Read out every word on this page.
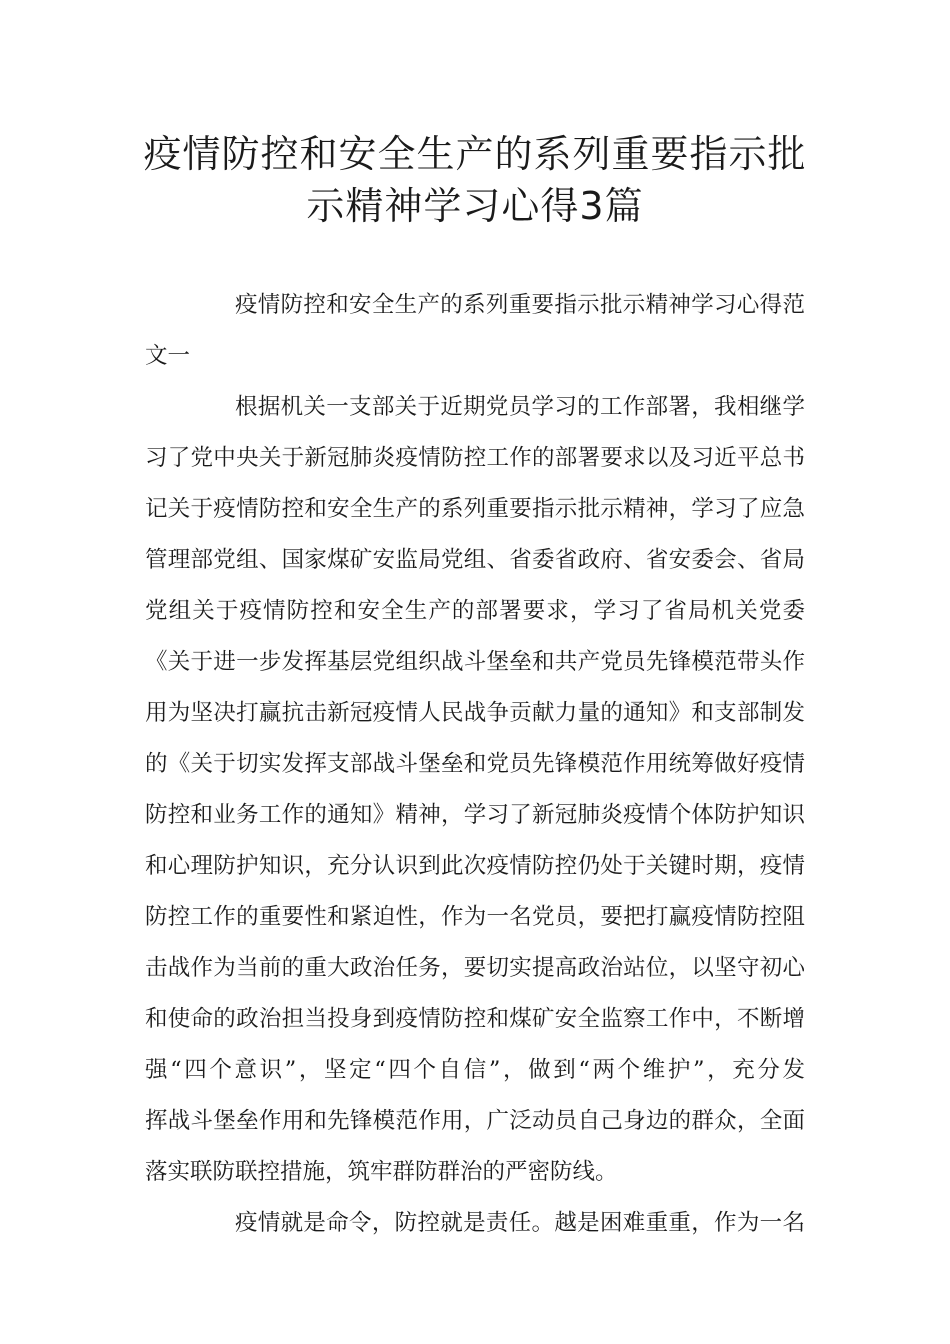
疫情防控和安全生产的系列重要指示批
示精神学习心得3篇
疫情防控和安全生产的系列重要指示批示精神学习心得范
文一
根据机关一支部关于近期党员学习的工作部署，我相继学
习了党中央关于新冠肺炎疫情防控工作的部署要求以及习近平总书
记关于疫情防控和安全生产的系列重要指示批示精神，学习了应急
管理部党组、国家煤矿安监局党组、省委省政府、省安委会、省局
党组关于疫情防控和安全生产的部署要求，学习了省局机关党委
《关于进一步发挥基层党组织战斗堡垒和共产党员先锋模范带头作
用为坚决打赢抗击新冠疫情人民战争贡献力量的通知》和支部制发
的《关于切实发挥支部战斗堡垒和党员先锋模范作用统筹做好疫情
防控和业务工作的通知》精神，学习了新冠肺炎疫情个体防护知识
和心理防护知识，充分认识到此次疫情防控仍处于关键时期，疫情
防控工作的重要性和紧迫性，作为一名党员，要把打赢疫情防控阻
击战作为当前的重大政治任务，要切实提高政治站位，以坚守初心
和使命的政治担当投身到疫情防控和煤矿安全监察工作中，不断增
强“四个意识”，坚定“四个自信”，做到“两个维护”，充分发
挥战斗堡垒作用和先锋模范作用，广泛动员自己身边的群众，全面
落实联防联控措施，筑牢群防群治的严密防线。
疫情就是命令，防控就是责任。越是困难重重，作为一名
